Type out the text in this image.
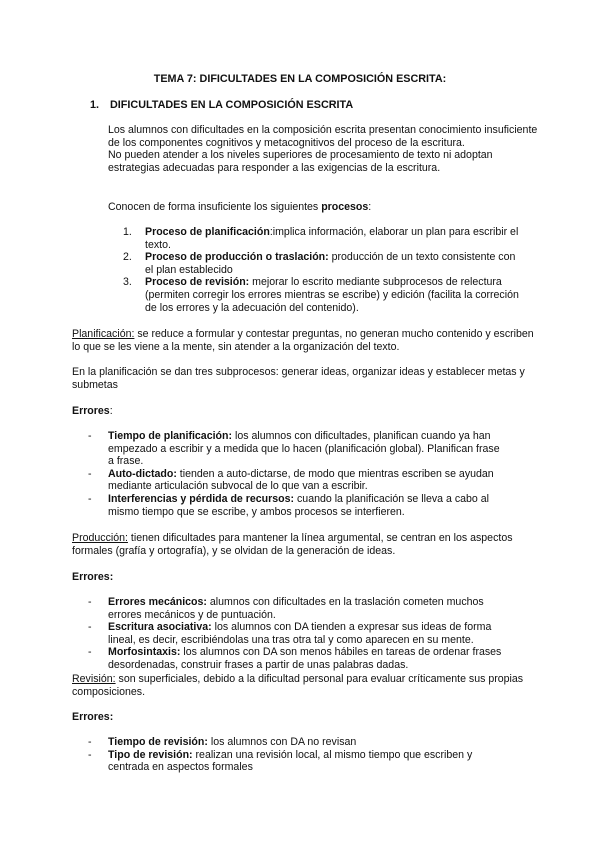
TEMA 7: DIFICULTADES EN LA COMPOSICIÓN ESCRITA:
1. DIFICULTADES EN LA COMPOSICIÓN ESCRITA

Los alumnos con dificultades en la composición escrita presentan conocimiento insuficiente de los componentes cognitivos y metacognitivos del proceso de la escritura.

No pueden atender a los niveles superiores de procesamiento de texto ni adoptan estrategias adecuadas para responder a las exigencias de la escritura.

Conocen de forma insuficiente los siguientes procesos:
1. Proceso de planificación:implica información, elaborar un plan para escribir el texto.
2. Proceso de producción o traslación: producción de un texto consistente con el plan establecido
3. Proceso de revisión: mejorar lo escrito mediante subprocesos de relectura (permiten corregir los errores mientras se escribe) y edición (facilita la correción de los errores y la adecuación del contenido).
Planificación: se reduce a formular y contestar preguntas, no generan mucho contenido y escriben lo que se les viene a la mente, sin atender a la organización del texto.
En la planificación se dan tres subprocesos: generar ideas, organizar ideas y establecer metas y submetas
Errores:
- Tiempo de planificación: los alumnos con dificultades, planifican cuando ya han empezado a escribir y a medida que lo hacen (planificación global). Planifican frase a frase.
- Auto-dictado: tienden a auto-dictarse, de modo que mientras escriben se ayudan mediante articulación subvocal de lo que van a escribir.
- Interferencias y pérdida de recursos: cuando la planificación se lleva a cabo al mismo tiempo que se escribe, y ambos procesos se interfieren.
Producción: tienen dificultades para mantener la línea argumental, se centran en los aspectos formales (grafía y ortografía), y se olvidan de la generación de ideas.
Errores:
- Errores mecánicos: alumnos con dificultades en la traslación cometen muchos errores mecánicos y de puntuación.
- Escritura asociativa: los alumnos con DA tienden a expresar sus ideas de forma lineal, es decir, escribiéndolas una tras otra tal y como aparecen en su mente.
- Morfosintaxis: los alumnos con DA son menos hábiles en tareas de ordenar frases desordenadas, construir frases a partir de unas palabras dadas.
Revisión: son superficiales, debido a la dificultad personal para evaluar críticamente sus propias composiciones.
Errores:
- Tiempo de revisión: los alumnos con DA no revisan
- Tipo de revisión: realizan una revisión local, al mismo tiempo que escriben y centrada en aspectos formales
